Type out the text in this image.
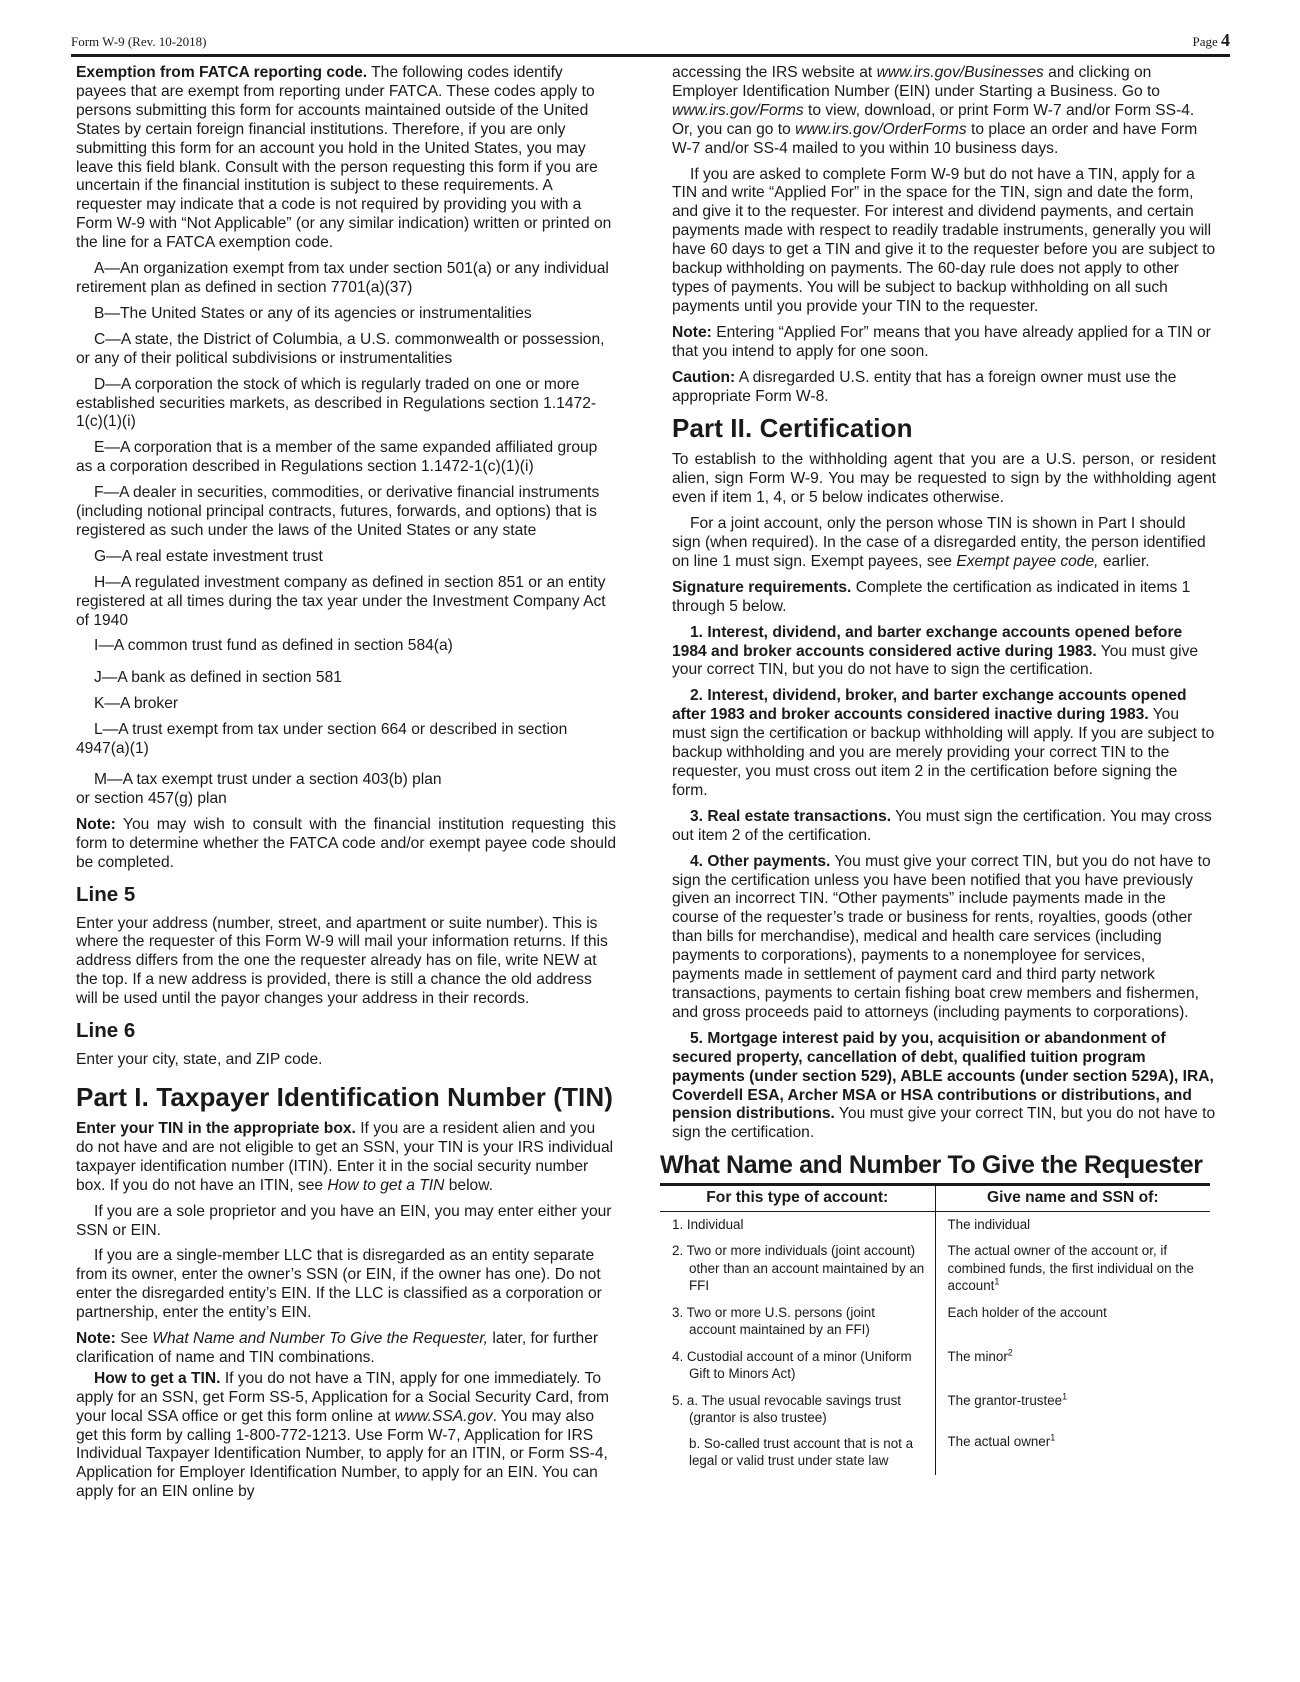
Form W-9 (Rev. 10-2018)	Page 4

Exemption from FATCA reporting code. The following codes identify payees that are exempt from reporting under FATCA. These codes apply to persons submitting this form for accounts maintained outside of the United States by certain foreign financial institutions. Therefore, if you are only submitting this form for an account you hold in the United States, you may leave this field blank. Consult with the person requesting this form if you are uncertain if the financial institution is subject to these requirements. A requester may indicate that a code is not required by providing you with a Form W-9 with “Not Applicable” (or any similar indication) written or printed on the line for a FATCA exemption code.

A—An organization exempt from tax under section 501(a) or any individual retirement plan as defined in section 7701(a)(37)

B—The United States or any of its agencies or instrumentalities

C—A state, the District of Columbia, a U.S. commonwealth or possession, or any of their political subdivisions or instrumentalities

D—A corporation the stock of which is regularly traded on one or more established securities markets, as described in Regulations section 1.1472-1(c)(1)(i)

E—A corporation that is a member of the same expanded affiliated group as a corporation described in Regulations section 1.1472-1(c)(1)(i)

F—A dealer in securities, commodities, or derivative financial instruments (including notional principal contracts, futures, forwards, and options) that is registered as such under the laws of the United States or any state

G—A real estate investment trust

H—A regulated investment company as defined in section 851 or an entity registered at all times during the tax year under the Investment Company Act of 1940

I—A common trust fund as defined in section 584(a)

J—A bank as defined in section 581

K—A broker

L—A trust exempt from tax under section 664 or described in section 4947(a)(1)

M—A tax exempt trust under a section 403(b) plan or section 457(g) plan

Note: You may wish to consult with the financial institution requesting this form to determine whether the FATCA code and/or exempt payee code should be completed.

Line 5

Enter your address (number, street, and apartment or suite number). This is where the requester of this Form W-9 will mail your information returns. If this address differs from the one the requester already has on file, write NEW at the top. If a new address is provided, there is still a chance the old address will be used until the payor changes your address in their records.

Line 6

Enter your city, state, and ZIP code.

Part I. Taxpayer Identification Number (TIN)

Enter your TIN in the appropriate box. If you are a resident alien and you do not have and are not eligible to get an SSN, your TIN is your IRS individual taxpayer identification number (ITIN). Enter it in the social security number box. If you do not have an ITIN, see How to get a TIN below.

If you are a sole proprietor and you have an EIN, you may enter either your SSN or EIN.

If you are a single-member LLC that is disregarded as an entity separate from its owner, enter the owner’s SSN (or EIN, if the owner has one). Do not enter the disregarded entity’s EIN. If the LLC is classified as a corporation or partnership, enter the entity’s EIN.

Note: See What Name and Number To Give the Requester, later, for further clarification of name and TIN combinations.

How to get a TIN. If you do not have a TIN, apply for one immediately. To apply for an SSN, get Form SS-5, Application for a Social Security Card, from your local SSA office or get this form online at www.SSA.gov. You may also get this form by calling 1-800-772-1213. Use Form W-7, Application for IRS Individual Taxpayer Identification Number, to apply for an ITIN, or Form SS-4, Application for Employer Identification Number, to apply for an EIN. You can apply for an EIN online by

accessing the IRS website at www.irs.gov/Businesses and clicking on Employer Identification Number (EIN) under Starting a Business. Go to www.irs.gov/Forms to view, download, or print Form W-7 and/or Form SS-4. Or, you can go to www.irs.gov/OrderForms to place an order and have Form W-7 and/or SS-4 mailed to you within 10 business days.

If you are asked to complete Form W-9 but do not have a TIN, apply for a TIN and write “Applied For” in the space for the TIN, sign and date the form, and give it to the requester. For interest and dividend payments, and certain payments made with respect to readily tradable instruments, generally you will have 60 days to get a TIN and give it to the requester before you are subject to backup withholding on payments. The 60-day rule does not apply to other types of payments. You will be subject to backup withholding on all such payments until you provide your TIN to the requester.

Note: Entering “Applied For” means that you have already applied for a TIN or that you intend to apply for one soon.

Caution: A disregarded U.S. entity that has a foreign owner must use the appropriate Form W-8.

Part II. Certification

To establish to the withholding agent that you are a U.S. person, or resident alien, sign Form W-9. You may be requested to sign by the withholding agent even if item 1, 4, or 5 below indicates otherwise.

For a joint account, only the person whose TIN is shown in Part I should sign (when required). In the case of a disregarded entity, the person identified on line 1 must sign. Exempt payees, see Exempt payee code, earlier.

Signature requirements. Complete the certification as indicated in items 1 through 5 below.

1. Interest, dividend, and barter exchange accounts opened before 1984 and broker accounts considered active during 1983. You must give your correct TIN, but you do not have to sign the certification.

2. Interest, dividend, broker, and barter exchange accounts opened after 1983 and broker accounts considered inactive during 1983. You must sign the certification or backup withholding will apply. If you are subject to backup withholding and you are merely providing your correct TIN to the requester, you must cross out item 2 in the certification before signing the form.

3. Real estate transactions. You must sign the certification. You may cross out item 2 of the certification.

4. Other payments. You must give your correct TIN, but you do not have to sign the certification unless you have been notified that you have previously given an incorrect TIN. “Other payments” include payments made in the course of the requester’s trade or business for rents, royalties, goods (other than bills for merchandise), medical and health care services (including payments to corporations), payments to a nonemployee for services, payments made in settlement of payment card and third party network transactions, payments to certain fishing boat crew members and fishermen, and gross proceeds paid to attorneys (including payments to corporations).

5. Mortgage interest paid by you, acquisition or abandonment of secured property, cancellation of debt, qualified tuition program payments (under section 529), ABLE accounts (under section 529A), IRA, Coverdell ESA, Archer MSA or HSA contributions or distributions, and pension distributions. You must give your correct TIN, but you do not have to sign the certification.

What Name and Number To Give the Requester
For this type of account:	Give name and SSN of:

1. Individual	The individual

2. Two or more individuals (joint account) other than an account maintained by an FFI	The actual owner of the account or, if combined funds, the first individual on the account$^1$

3. Two or more U.S. persons (joint account maintained by an FFI)	Each holder of the account

4. Custodial account of a minor (Uniform Gift to Minors Act)	The minor$^2$

5. a. The usual revocable savings trust (grantor is also trustee)	The grantor-trustee$^1$

b. So-called trust account that is not a legal or valid trust under state law	The actual owner$^1$
